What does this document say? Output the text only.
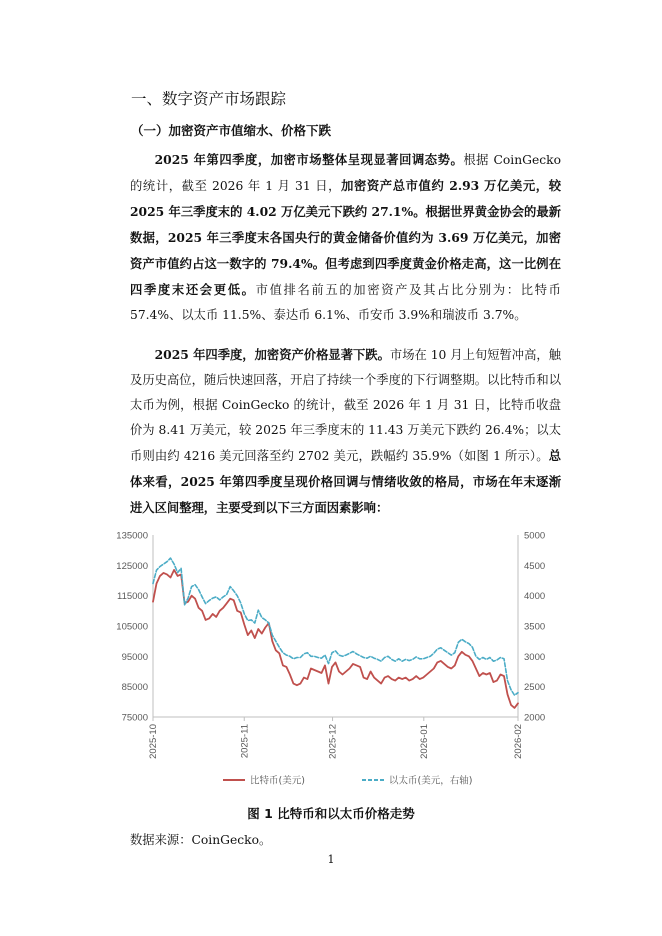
一、数字资产市场跟踪
（一）加密资产市值缩水、价格下跌

2025 年第四季度，加密市场整体呈现显著回调态势。根据 CoinGecko 的统计，截至 2026 年 1 月 31 日，加密资产总市值约 2.93 万亿美元，较 2025 年三季度末的 4.02 万亿美元下跌约 27.1%。根据世界黄金协会的最新数据，2025 年三季度末各国央行的黄金储备价值约为 3.69 万亿美元，加密资产市值约占这一数字的 79.4%。但考虑到四季度黄金价格走高，这一比例在四季度末还会更低。市值排名前五的加密资产及其占比分别为：比特币 57.4%、以太币 11.5%、泰达币 6.1%、币安币 3.9%和瑞波币 3.7%。

2025 年四季度，加密资产价格显著下跌。市场在 10 月上旬短暂冲高，触及历史高位，随后快速回落，开启了持续一个季度的下行调整期。以比特币和以太币为例，根据 CoinGecko 的统计，截至 2026 年 1 月 31 日，比特币收盘价为 8.41 万美元，较 2025 年三季度末的 11.43 万美元下跌约 26.4%；以太币则由约 4216 美元回落至约 2702 美元，跌幅约 35.9%（如图 1 所示）。总体来看，2025 年第四季度呈现价格回调与情绪收敛的格局，市场在年末逐渐进入区间整理，主要受到以下三方面因素影响：

135000
125000
115000
105000
95000
85000
75000
5000
4500
4000
3500
3000
2500
2000
2025-10	2025-11	2025-12	2026-01	2026-02
比特币(美元)	以太币(美元，右轴)
图 1 比特币和以太币价格走势
数据来源：CoinGecko。
1
